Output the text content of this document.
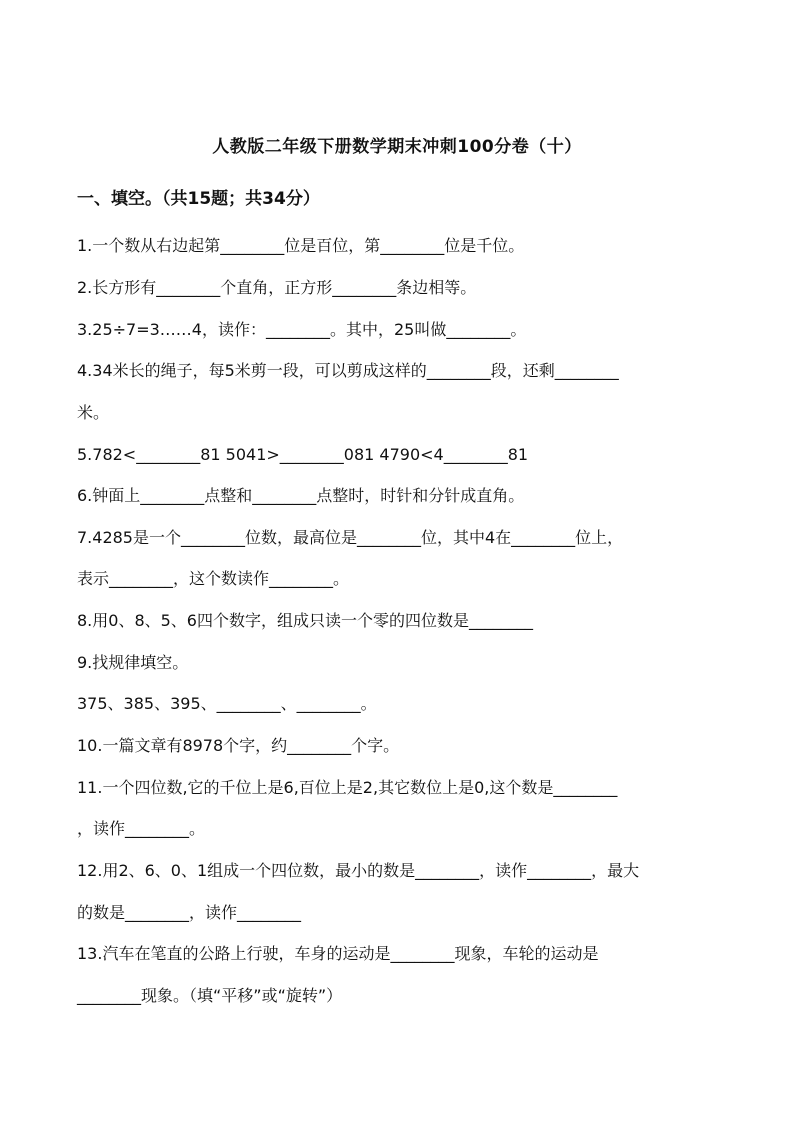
人教版二年级下册数学期末冲刺100分卷（十）
一、填空。（共15题；共34分）
1.一个数从右边起第________位是百位，第________位是千位。
2.长方形有________个直角，正方形________条边相等。
3.25÷7=3……4，读作：________。其中，25叫做________。
4.34米长的绳子，每5米剪一段，可以剪成这样的________段，还剩________
米。
5.782<________81 5041>________081 4790<4________81
6.钟面上________点整和________点整时，时针和分针成直角。
7.4285是一个________位数，最高位是________位，其中4在________位上，
表示________，这个数读作________。
8.用0、8、5、6四个数字，组成只读一个零的四位数是________
9.找规律填空。
375、385、395、________、________。
10.一篇文章有8978个字，约________个字。
11.一个四位数,它的千位上是6,百位上是2,其它数位上是0,这个数是________
，读作________。
12.用2、6、0、1组成一个四位数，最小的数是________，读作________，最大
的数是________，读作________
13.汽车在笔直的公路上行驶，车身的运动是________现象，车轮的运动是
________现象。（填“平移”或“旋转”）
